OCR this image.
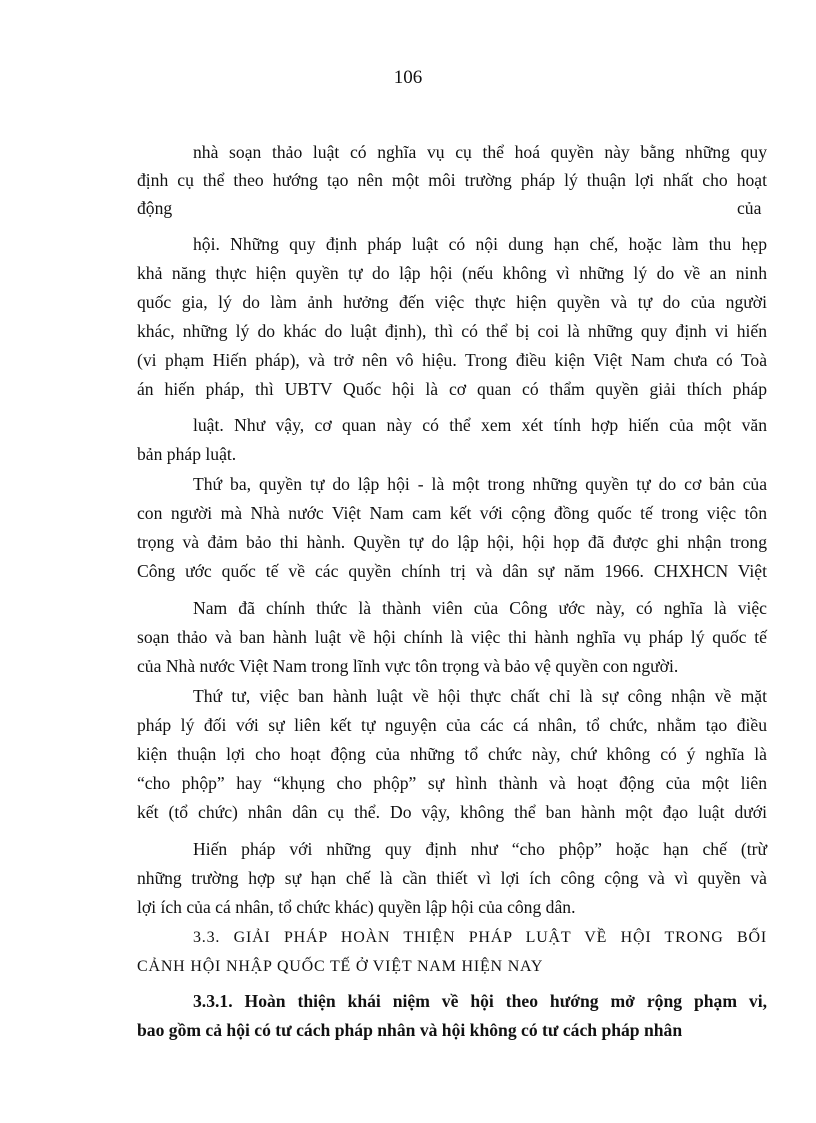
106
nhà soạn thảo luật có nghĩa vụ cụ thể hoá quyền này bằng những quy
định cụ thể theo hướng tạo nên một môi trường pháp lý thuận lợi nhất cho hoạt
động	của
hội. Những quy định pháp luật có nội dung hạn chế, hoặc làm thu hẹp
khả năng thực hiện quyền tự do lập hội (nếu không vì những lý do về an ninh
quốc gia, lý do làm ảnh hưởng đến việc thực hiện quyền và tự do của người
khác, những lý do khác do luật định), thì có thể bị coi là những quy định vi hiến
(vi phạm Hiến pháp), và trở nên vô hiệu. Trong điều kiện Việt Nam chưa có Toà
án hiến pháp, thì UBTV Quốc hội là cơ quan có thẩm quyền giải thích pháp
luật. Như vậy, cơ quan này có thể xem xét tính hợp hiến của một văn
bản pháp luật.
Thứ ba, quyền tự do lập hội - là một trong những quyền tự do cơ bản của
con người mà Nhà nước Việt Nam cam kết với cộng đồng quốc tế trong việc tôn
trọng và đảm bảo thi hành. Quyền tự do lập hội, hội họp đã được ghi nhận trong
Công ước quốc tế về các quyền chính trị và dân sự năm 1966. CHXHCN Việt
Nam đã chính thức là thành viên của Công ước này, có nghĩa là việc
soạn thảo và ban hành luật về hội chính là việc thi hành nghĩa vụ pháp lý quốc tế
của Nhà nước Việt Nam trong lĩnh vực tôn trọng và bảo vệ quyền con người.
Thứ tư, việc ban hành luật về hội thực chất chỉ là sự công nhận về mặt
pháp lý đối với sự liên kết tự nguyện của các cá nhân, tổ chức, nhằm tạo điều
kiện thuận lợi cho hoạt động của những tổ chức này, chứ không có ý nghĩa là
“cho phộp” hay “khụng cho phộp” sự hình thành và hoạt động của một liên
kết (tổ chức) nhân dân cụ thể. Do vậy, không thể ban hành một đạo luật dưới
Hiến pháp với những quy định như “cho phộp” hoặc hạn chế (trừ
những trường hợp sự hạn chế là cần thiết vì lợi ích công cộng và vì quyền và
lợi ích của cá nhân, tổ chức khác) quyền lập hội của công dân.
3.3. GIẢI PHÁP HOÀN THIỆN PHÁP LUẬT VỀ HỘI TRONG BỐI
CẢNH HỘI NHẬP QUỐC TẾ Ở VIỆT NAM HIỆN NAY
3.3.1. Hoàn thiện khái niệm về hội theo hướng mở rộng phạm vi,
bao gồm cả hội có tư cách pháp nhân và hội không có tư cách pháp nhân
